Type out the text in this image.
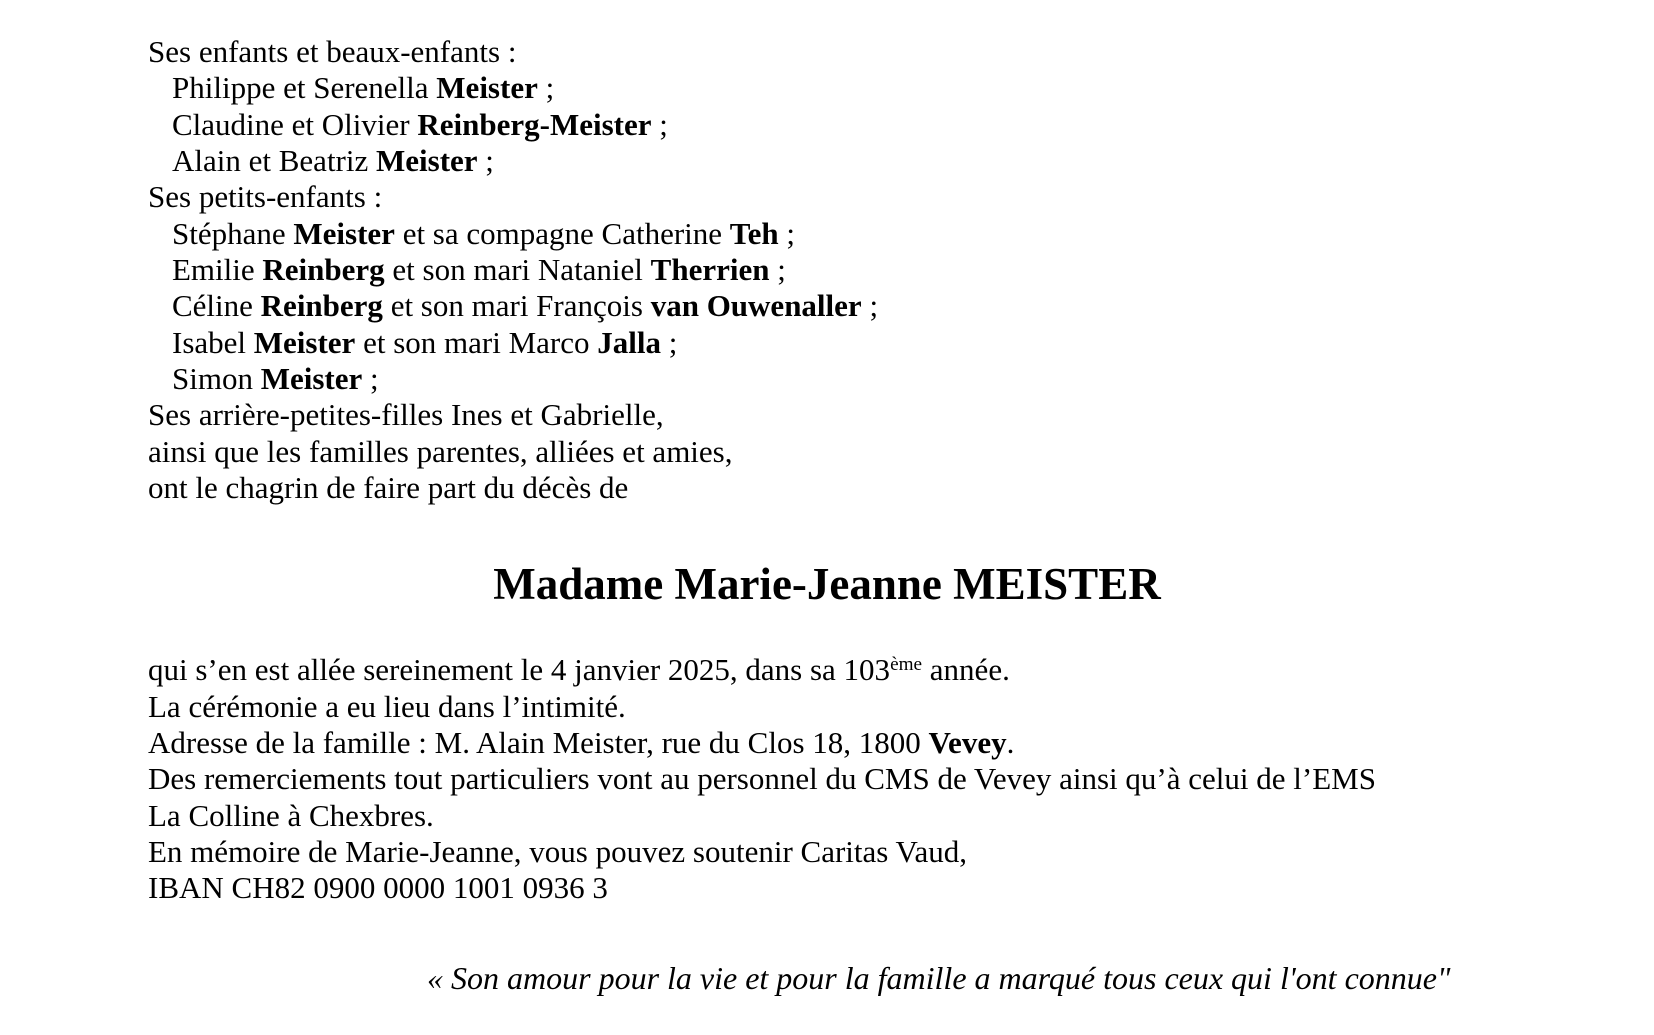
Ses enfants et beaux-enfants :
Philippe et Serenella Meister ;
Claudine et Olivier Reinberg-Meister ;
Alain et Beatriz Meister ;
Ses petits-enfants :
Stéphane Meister et sa compagne Catherine Teh ;
Emilie Reinberg et son mari Nataniel Therrien ;
Céline Reinberg et son mari François van Ouwenaller ;
Isabel Meister et son mari Marco Jalla ;
Simon Meister ;
Ses arrière-petites-filles Ines et Gabrielle,
ainsi que les familles parentes, alliées et amies,
ont le chagrin de faire part du décès de
Madame Marie-Jeanne MEISTER
qui s’en est allée sereinement le 4 janvier 2025, dans sa 103ème année.
La cérémonie a eu lieu dans l’intimité.
Adresse de la famille : M. Alain Meister, rue du Clos 18, 1800 Vevey.
Des remerciements tout particuliers vont au personnel du CMS de Vevey ainsi qu’à celui de l’EMS
La Colline à Chexbres.
En mémoire de Marie-Jeanne, vous pouvez soutenir Caritas Vaud,
IBAN CH82 0900 0000 1001 0936 3
« Son amour pour la vie et pour la famille a marqué tous ceux qui l'ont connue"
